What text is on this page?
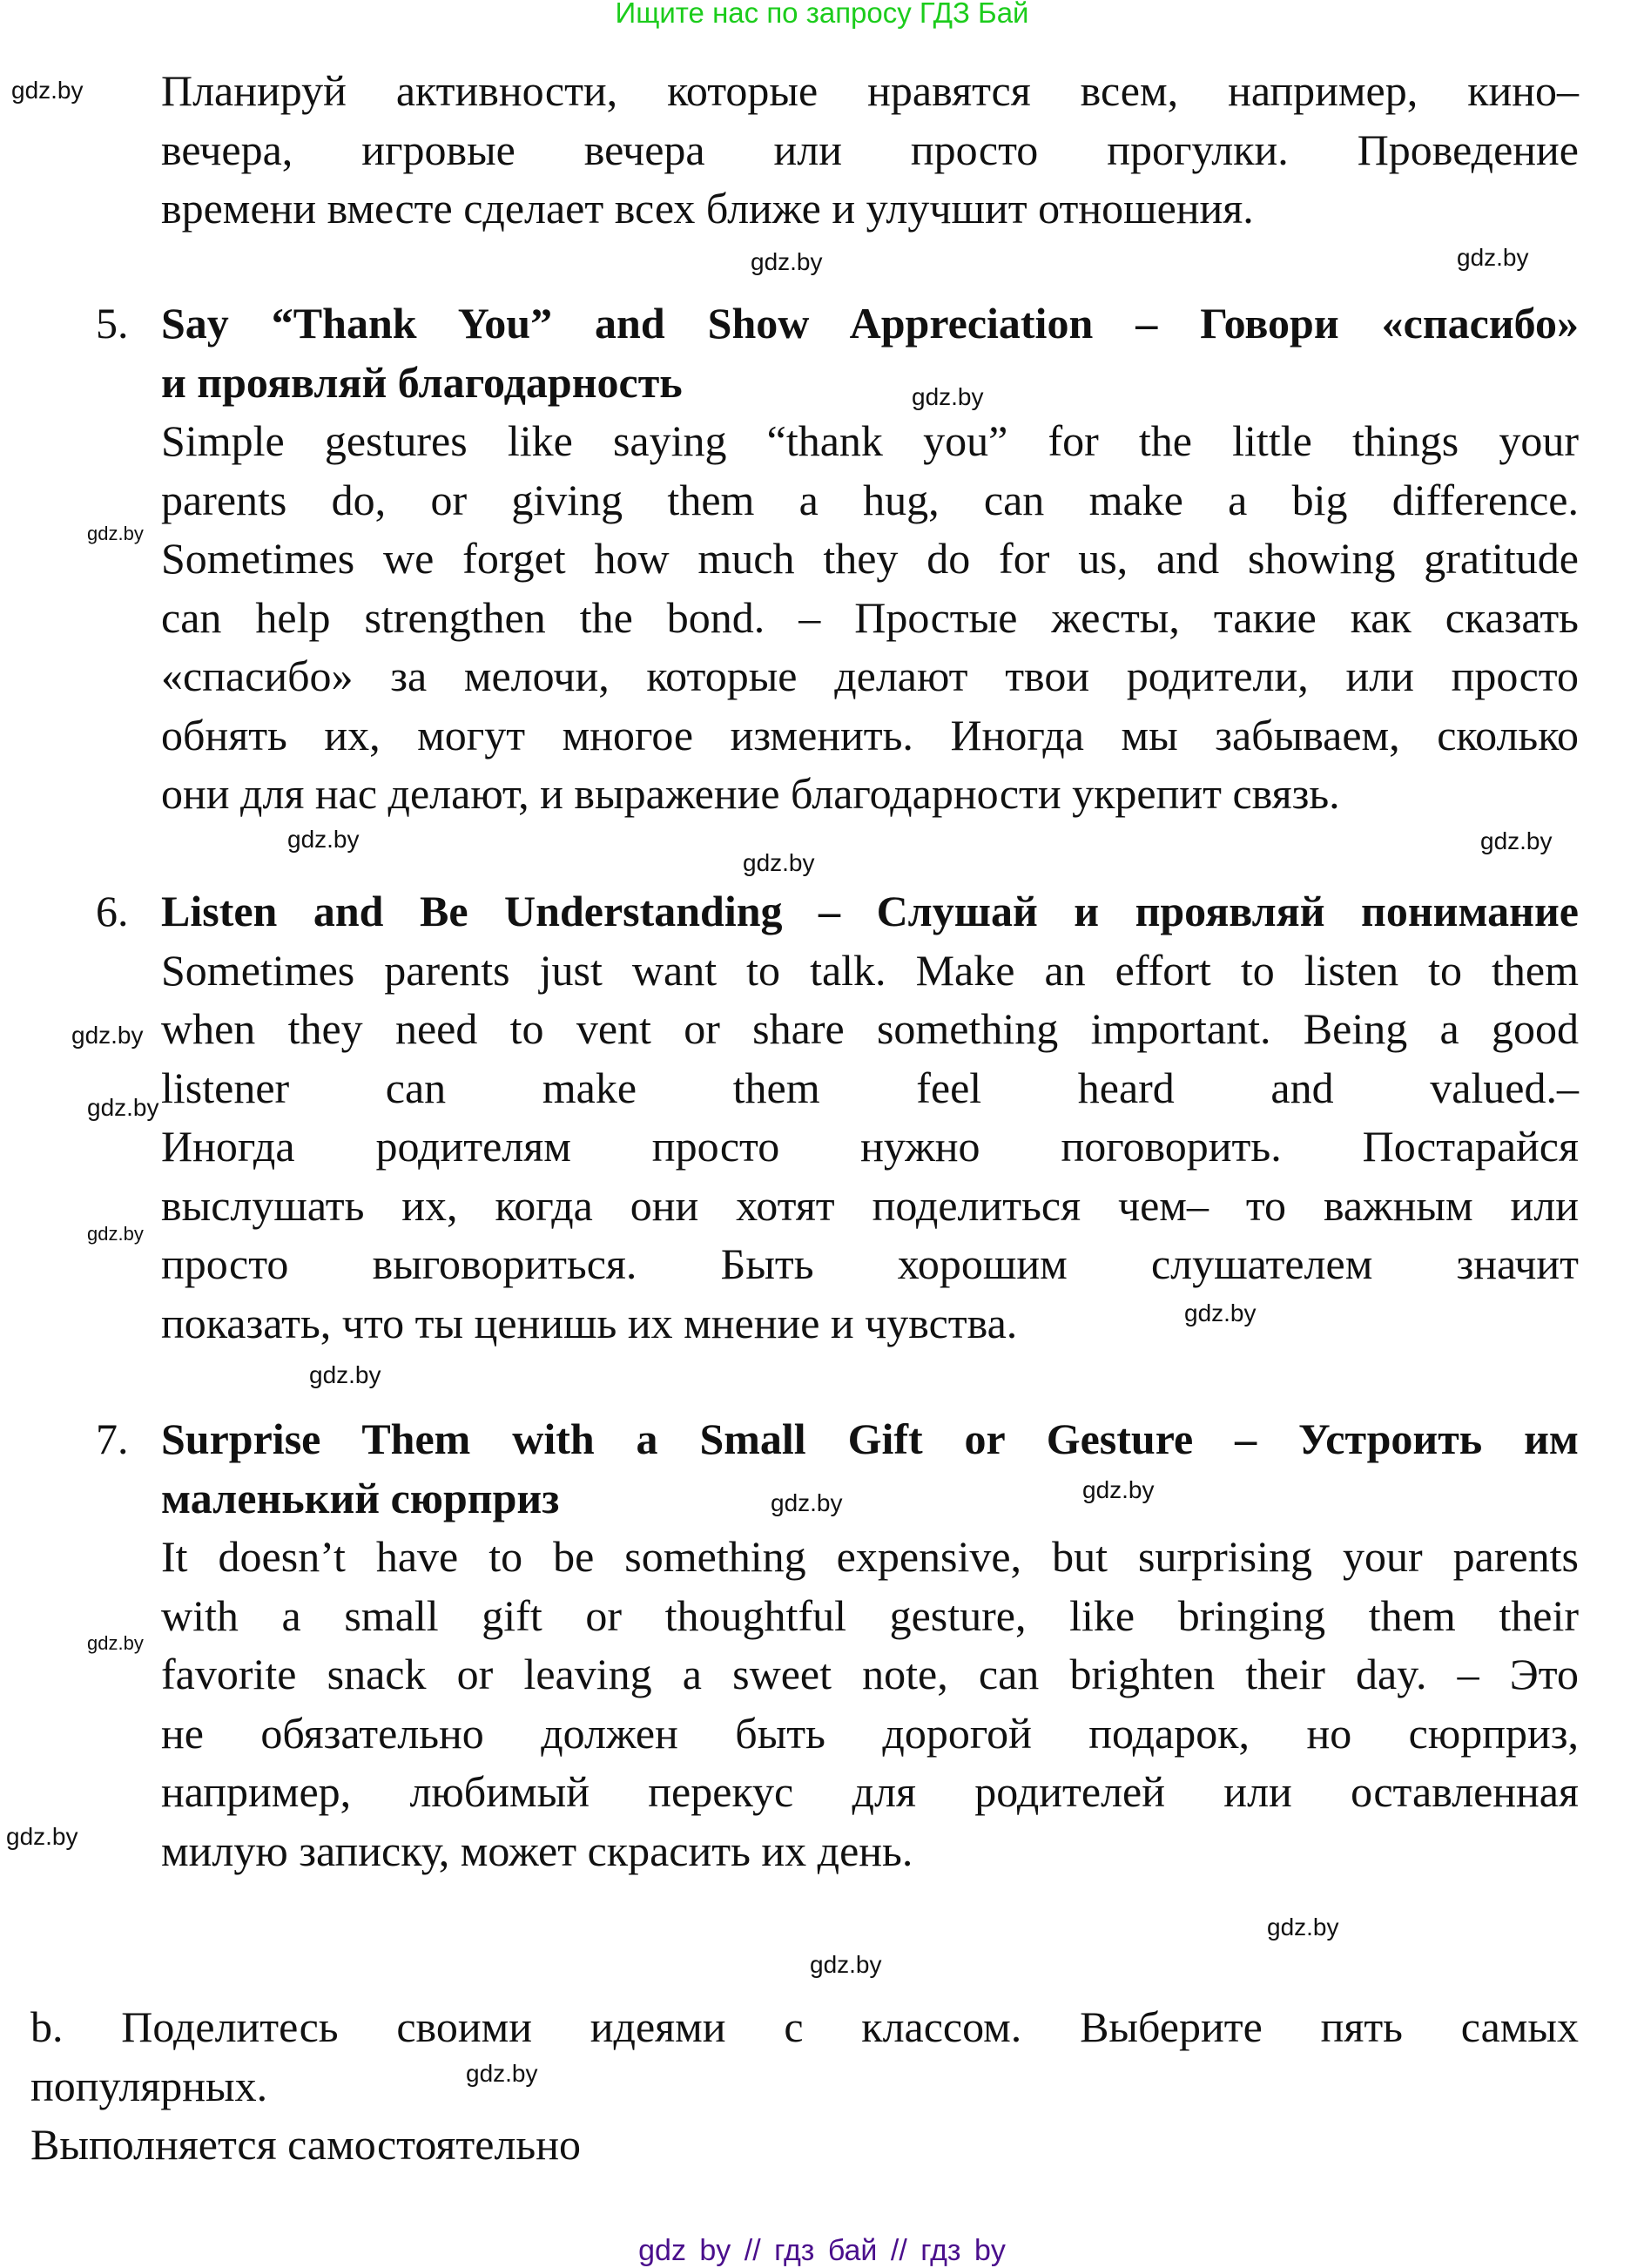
Ищите нас по запросу ГДЗ Бай
Планируй активности, которые нравятся всем, например, кино–
вечера, игровые вечера или просто прогулки. Проведение
времени вместе сделает всех ближе и улучшит отношения.
5. Say “Thank You” and Show Appreciation – Говори «спасибо»
и проявляй благодарность
Simple gestures like saying “thank you” for the little things your
parents do, or giving them a hug, can make a big difference.
Sometimes we forget how much they do for us, and showing gratitude
can help strengthen the bond. – Простые жесты, такие как сказать
«спасибо» за мелочи, которые делают твои родители, или просто
обнять их, могут многое изменить. Иногда мы забываем, сколько
они для нас делают, и выражение благодарности укрепит связь.
6. Listen and Be Understanding – Слушай и проявляй понимание
Sometimes parents just want to talk. Make an effort to listen to them
when they need to vent or share something important. Being a good
listener can make them feel heard and valued.–
Иногда родителям просто нужно поговорить. Постарайся
выслушать их, когда они хотят поделиться чем– то важным или
просто выговориться. Быть хорошим слушателем значит
показать, что ты ценишь их мнение и чувства.
7. Surprise Them with a Small Gift or Gesture – Устроить им
маленький сюрприз
It doesn’t have to be something expensive, but surprising your parents
with a small gift or thoughtful gesture, like bringing them their
favorite snack or leaving a sweet note, can brighten their day. – Это
не обязательно должен быть дорогой подарок, но сюрприз,
например, любимый перекус для родителей или оставленная
милую записку, может скрасить их день.
b. Поделитесь своими идеями с классом. Выберите пять самых
популярных.
Выполняется самостоятельно
gdz.by
gdz.by
gdz.by
gdz.by
gdz.by
gdz.by
gdz.by
gdz.by
gdz.by
gdz.by
gdz.by
gdz.by
gdz.by
gdz.by
gdz.by
gdz.by
gdz.by
gdz.by
gdz.by
gdz.by
gdz by // гдз бай // гдз by
